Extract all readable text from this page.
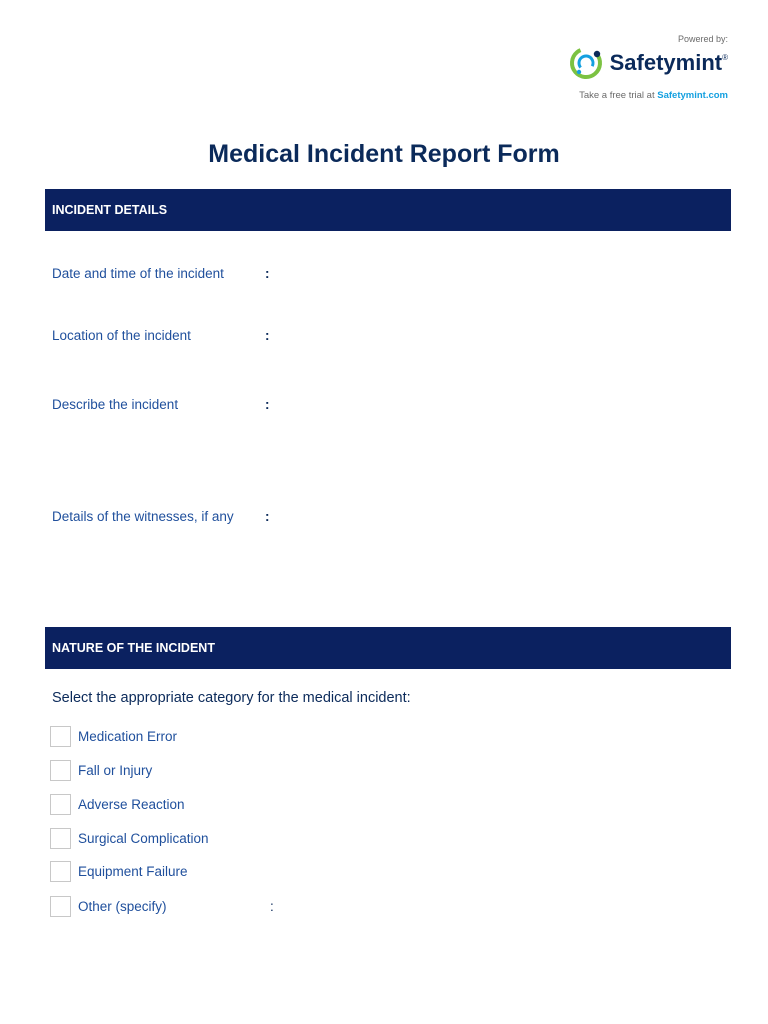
Powered by:
Safetymint ®
Take a free trial at Safetymint.com
Medical Incident Report Form
INCIDENT DETAILS
Date and time of the incident	:
Location of the incident	:
Describe the incident	:
Details of the witnesses, if any :
NATURE OF THE INCIDENT
Select the appropriate category for the medical incident:
Medication Error
Fall or Injury
Adverse Reaction
Surgical Complication
Equipment Failure
Other (specify)	:
